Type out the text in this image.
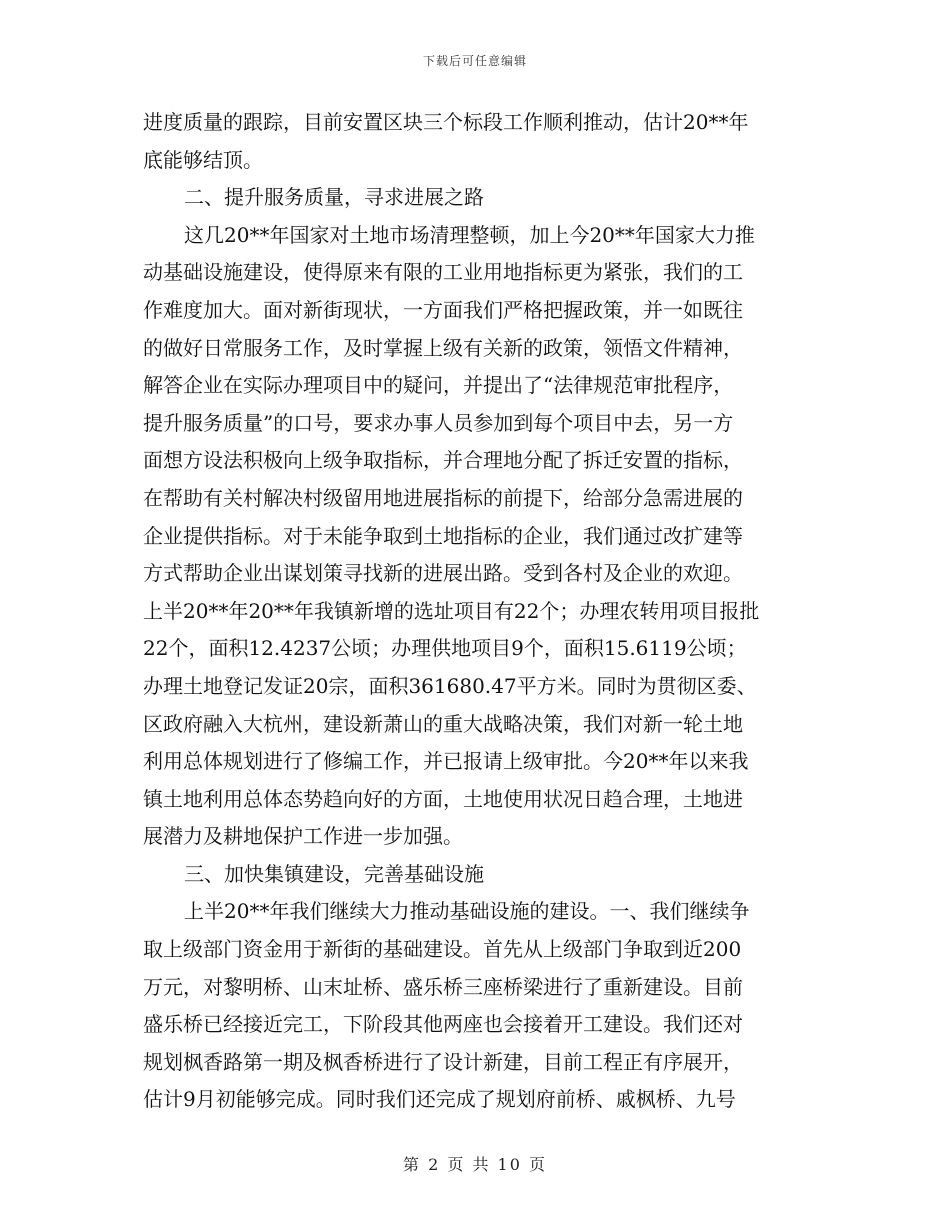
下载后可任意编辑
进度质量的跟踪，目前安置区块三个标段工作顺利推动，估计20**年
底能够结顶。
二、提升服务质量，寻求进展之路
这几20**年国家对土地市场清理整顿，加上今20**年国家大力推
动基础设施建设，使得原来有限的工业用地指标更为紧张，我们的工
作难度加大。面对新街现状，一方面我们严格把握政策，并一如既往
的做好日常服务工作，及时掌握上级有关新的政策，领悟文件精神，
解答企业在实际办理项目中的疑问，并提出了“法律规范审批程序，
提升服务质量”的口号，要求办事人员参加到每个项目中去，另一方
面想方设法积极向上级争取指标，并合理地分配了拆迁安置的指标，
在帮助有关村解决村级留用地进展指标的前提下，给部分急需进展的
企业提供指标。对于未能争取到土地指标的企业，我们通过改扩建等
方式帮助企业出谋划策寻找新的进展出路。受到各村及企业的欢迎。
上半20**年20**年我镇新增的选址项目有22个；办理农转用项目报批
22个，面积12.4237公顷；办理供地项目9个，面积15.6119公顷；
办理土地登记发证20宗，面积361680.47平方米。同时为贯彻区委、
区政府融入大杭州，建设新萧山的重大战略决策，我们对新一轮土地
利用总体规划进行了修编工作，并已报请上级审批。今20**年以来我
镇土地利用总体态势趋向好的方面，土地使用状况日趋合理，土地进
展潜力及耕地保护工作进一步加强。
三、加快集镇建设，完善基础设施
上半20**年我们继续大力推动基础设施的建设。一、我们继续争
取上级部门资金用于新街的基础建设。首先从上级部门争取到近200
万元，对黎明桥、山末址桥、盛乐桥三座桥梁进行了重新建设。目前
盛乐桥已经接近完工，下阶段其他两座也会接着开工建设。我们还对
规划枫香路第一期及枫香桥进行了设计新建，目前工程正有序展开，
估计9月初能够完成。同时我们还完成了规划府前桥、戚枫桥、九号
第 2 页 共 10 页
